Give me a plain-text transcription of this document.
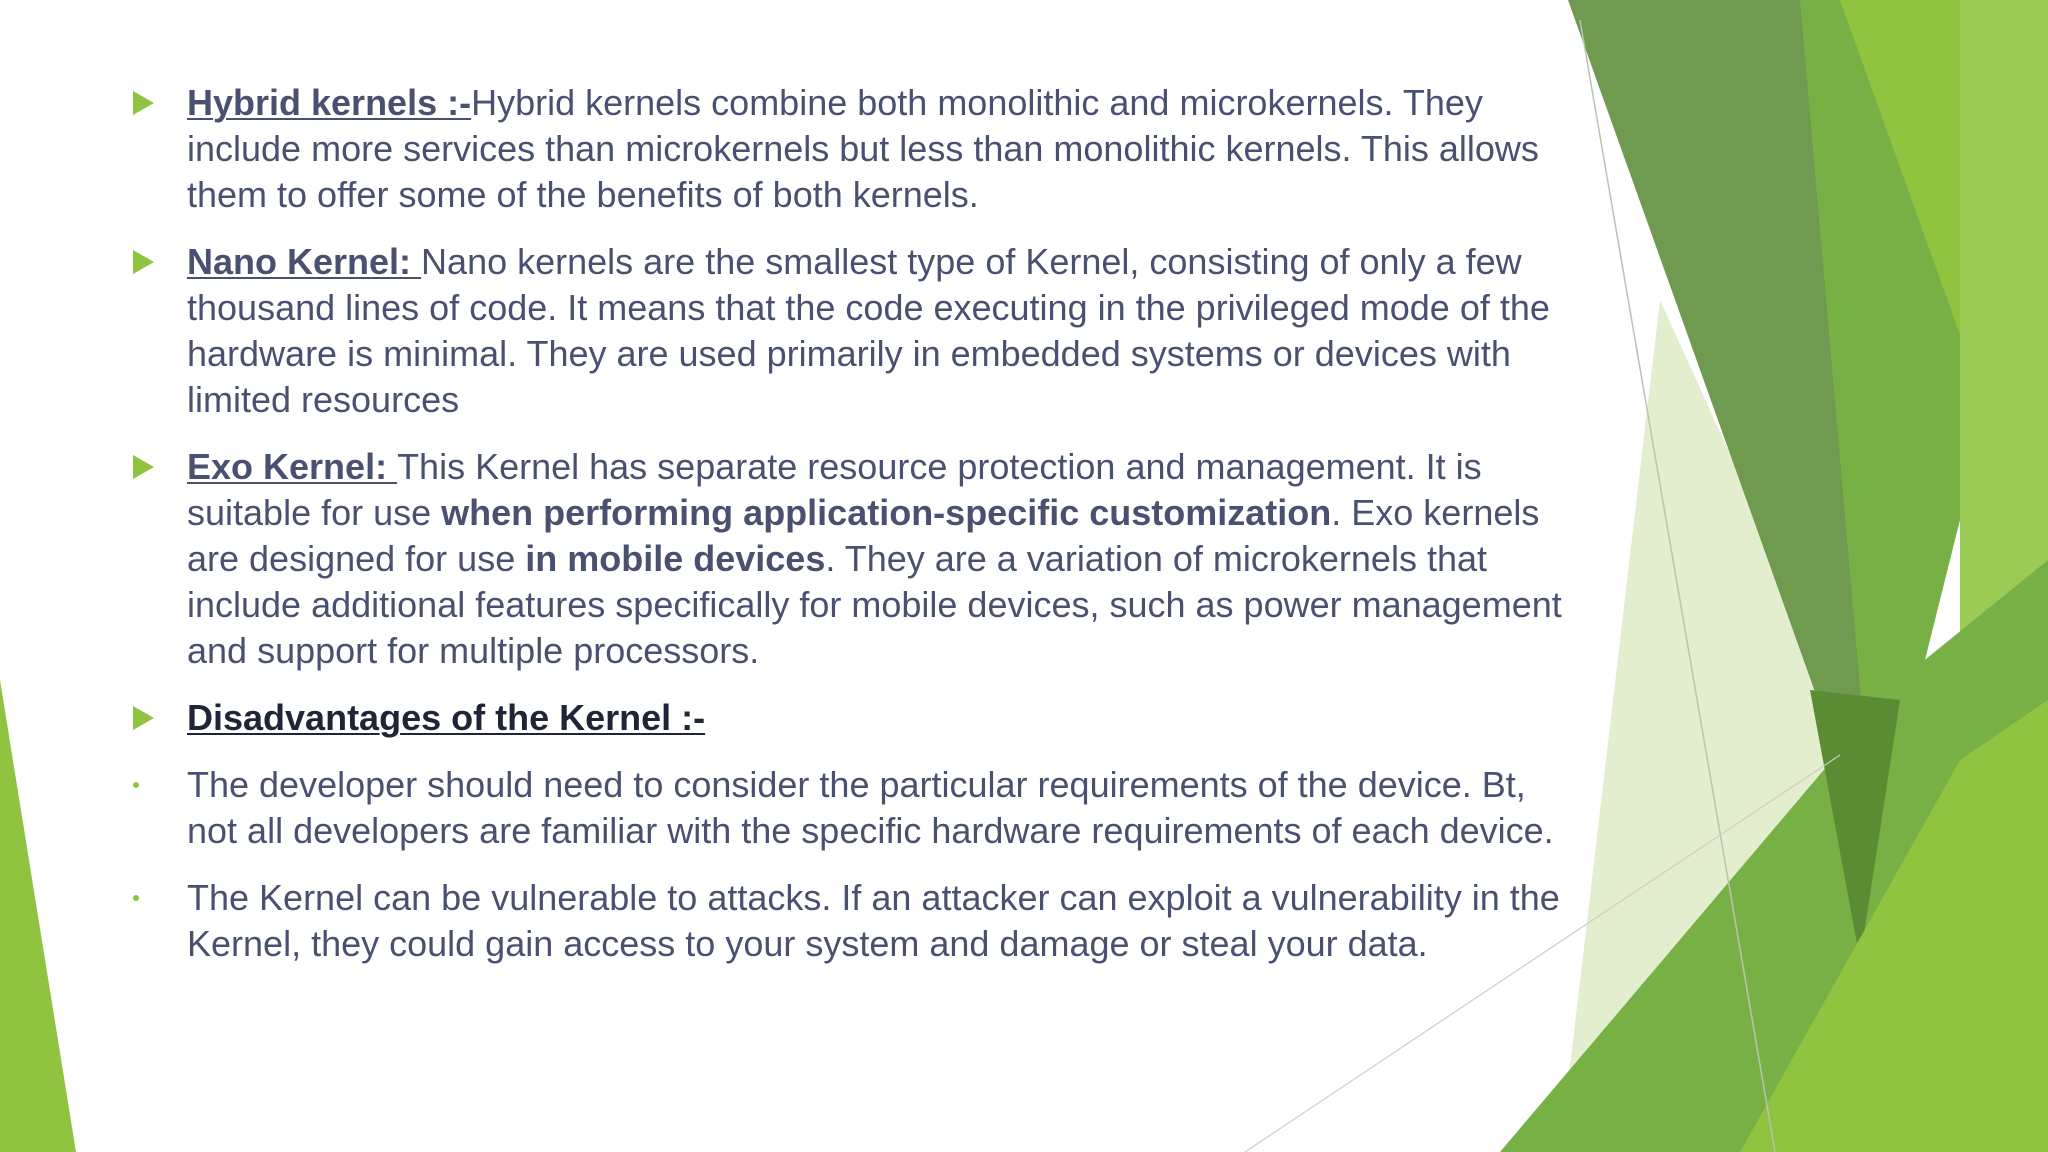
Hybrid kernels :-Hybrid kernels combine both monolithic and microkernels. They include more services than microkernels but less than monolithic kernels. This allows them to offer some of the benefits of both kernels.
Nano Kernel: Nano kernels are the smallest type of Kernel, consisting of only a few thousand lines of code. It means that the code executing in the privileged mode of the hardware is minimal. They are used primarily in embedded systems or devices with limited resources
Exo Kernel: This Kernel has separate resource protection and management. It is suitable for use when performing application-specific customization. Exo kernels are designed for use in mobile devices. They are a variation of microkernels that include additional features specifically for mobile devices, such as power management and support for multiple processors.
Disadvantages of the Kernel :-
The developer should need to consider the particular requirements of the device. Bt, not all developers are familiar with the specific hardware requirements of each device.
The Kernel can be vulnerable to attacks. If an attacker can exploit a vulnerability in the Kernel, they could gain access to your system and damage or steal your data.
